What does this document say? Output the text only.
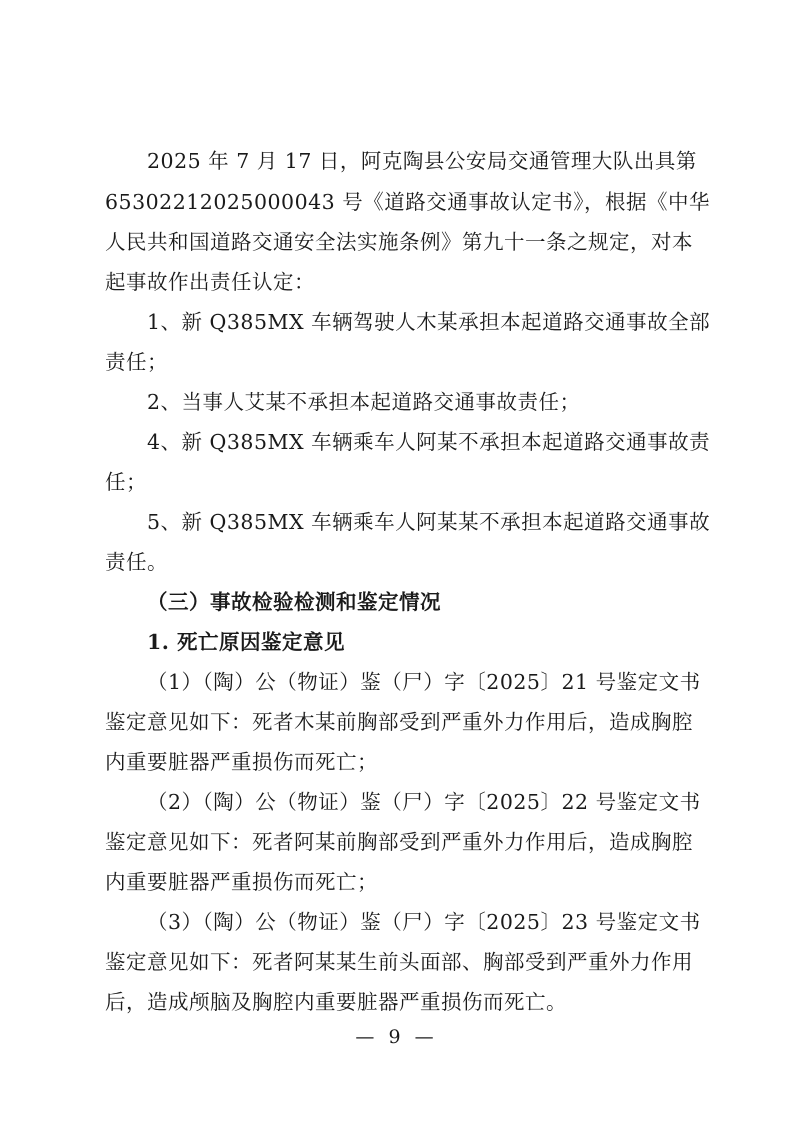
2025 年 7 月 17 日，阿克陶县公安局交通管理大队出具第
65302212025000043 号《道路交通事故认定书》，根据《中华
人民共和国道路交通安全法实施条例》第九十一条之规定，对本
起事故作出责任认定：
1、新 Q385MX 车辆驾驶人木某承担本起道路交通事故全部
责任；
2、当事人艾某不承担本起道路交通事故责任；
4、新 Q385MX 车辆乘车人阿某不承担本起道路交通事故责
任；
5、新 Q385MX 车辆乘车人阿某某不承担本起道路交通事故
责任。
（三）事故检验检测和鉴定情况
1. 死亡原因鉴定意见
（1）（陶）公（物证）鉴（尸）字〔2025〕21 号鉴定文书
鉴定意见如下：死者木某前胸部受到严重外力作用后，造成胸腔
内重要脏器严重损伤而死亡；
（2）（陶）公（物证）鉴（尸）字〔2025〕22 号鉴定文书
鉴定意见如下：死者阿某前胸部受到严重外力作用后，造成胸腔
内重要脏器严重损伤而死亡；
（3）（陶）公（物证）鉴（尸）字〔2025〕23 号鉴定文书
鉴定意见如下：死者阿某某生前头面部、胸部受到严重外力作用
后，造成颅脑及胸腔内重要脏器严重损伤而死亡。
— 9 —
